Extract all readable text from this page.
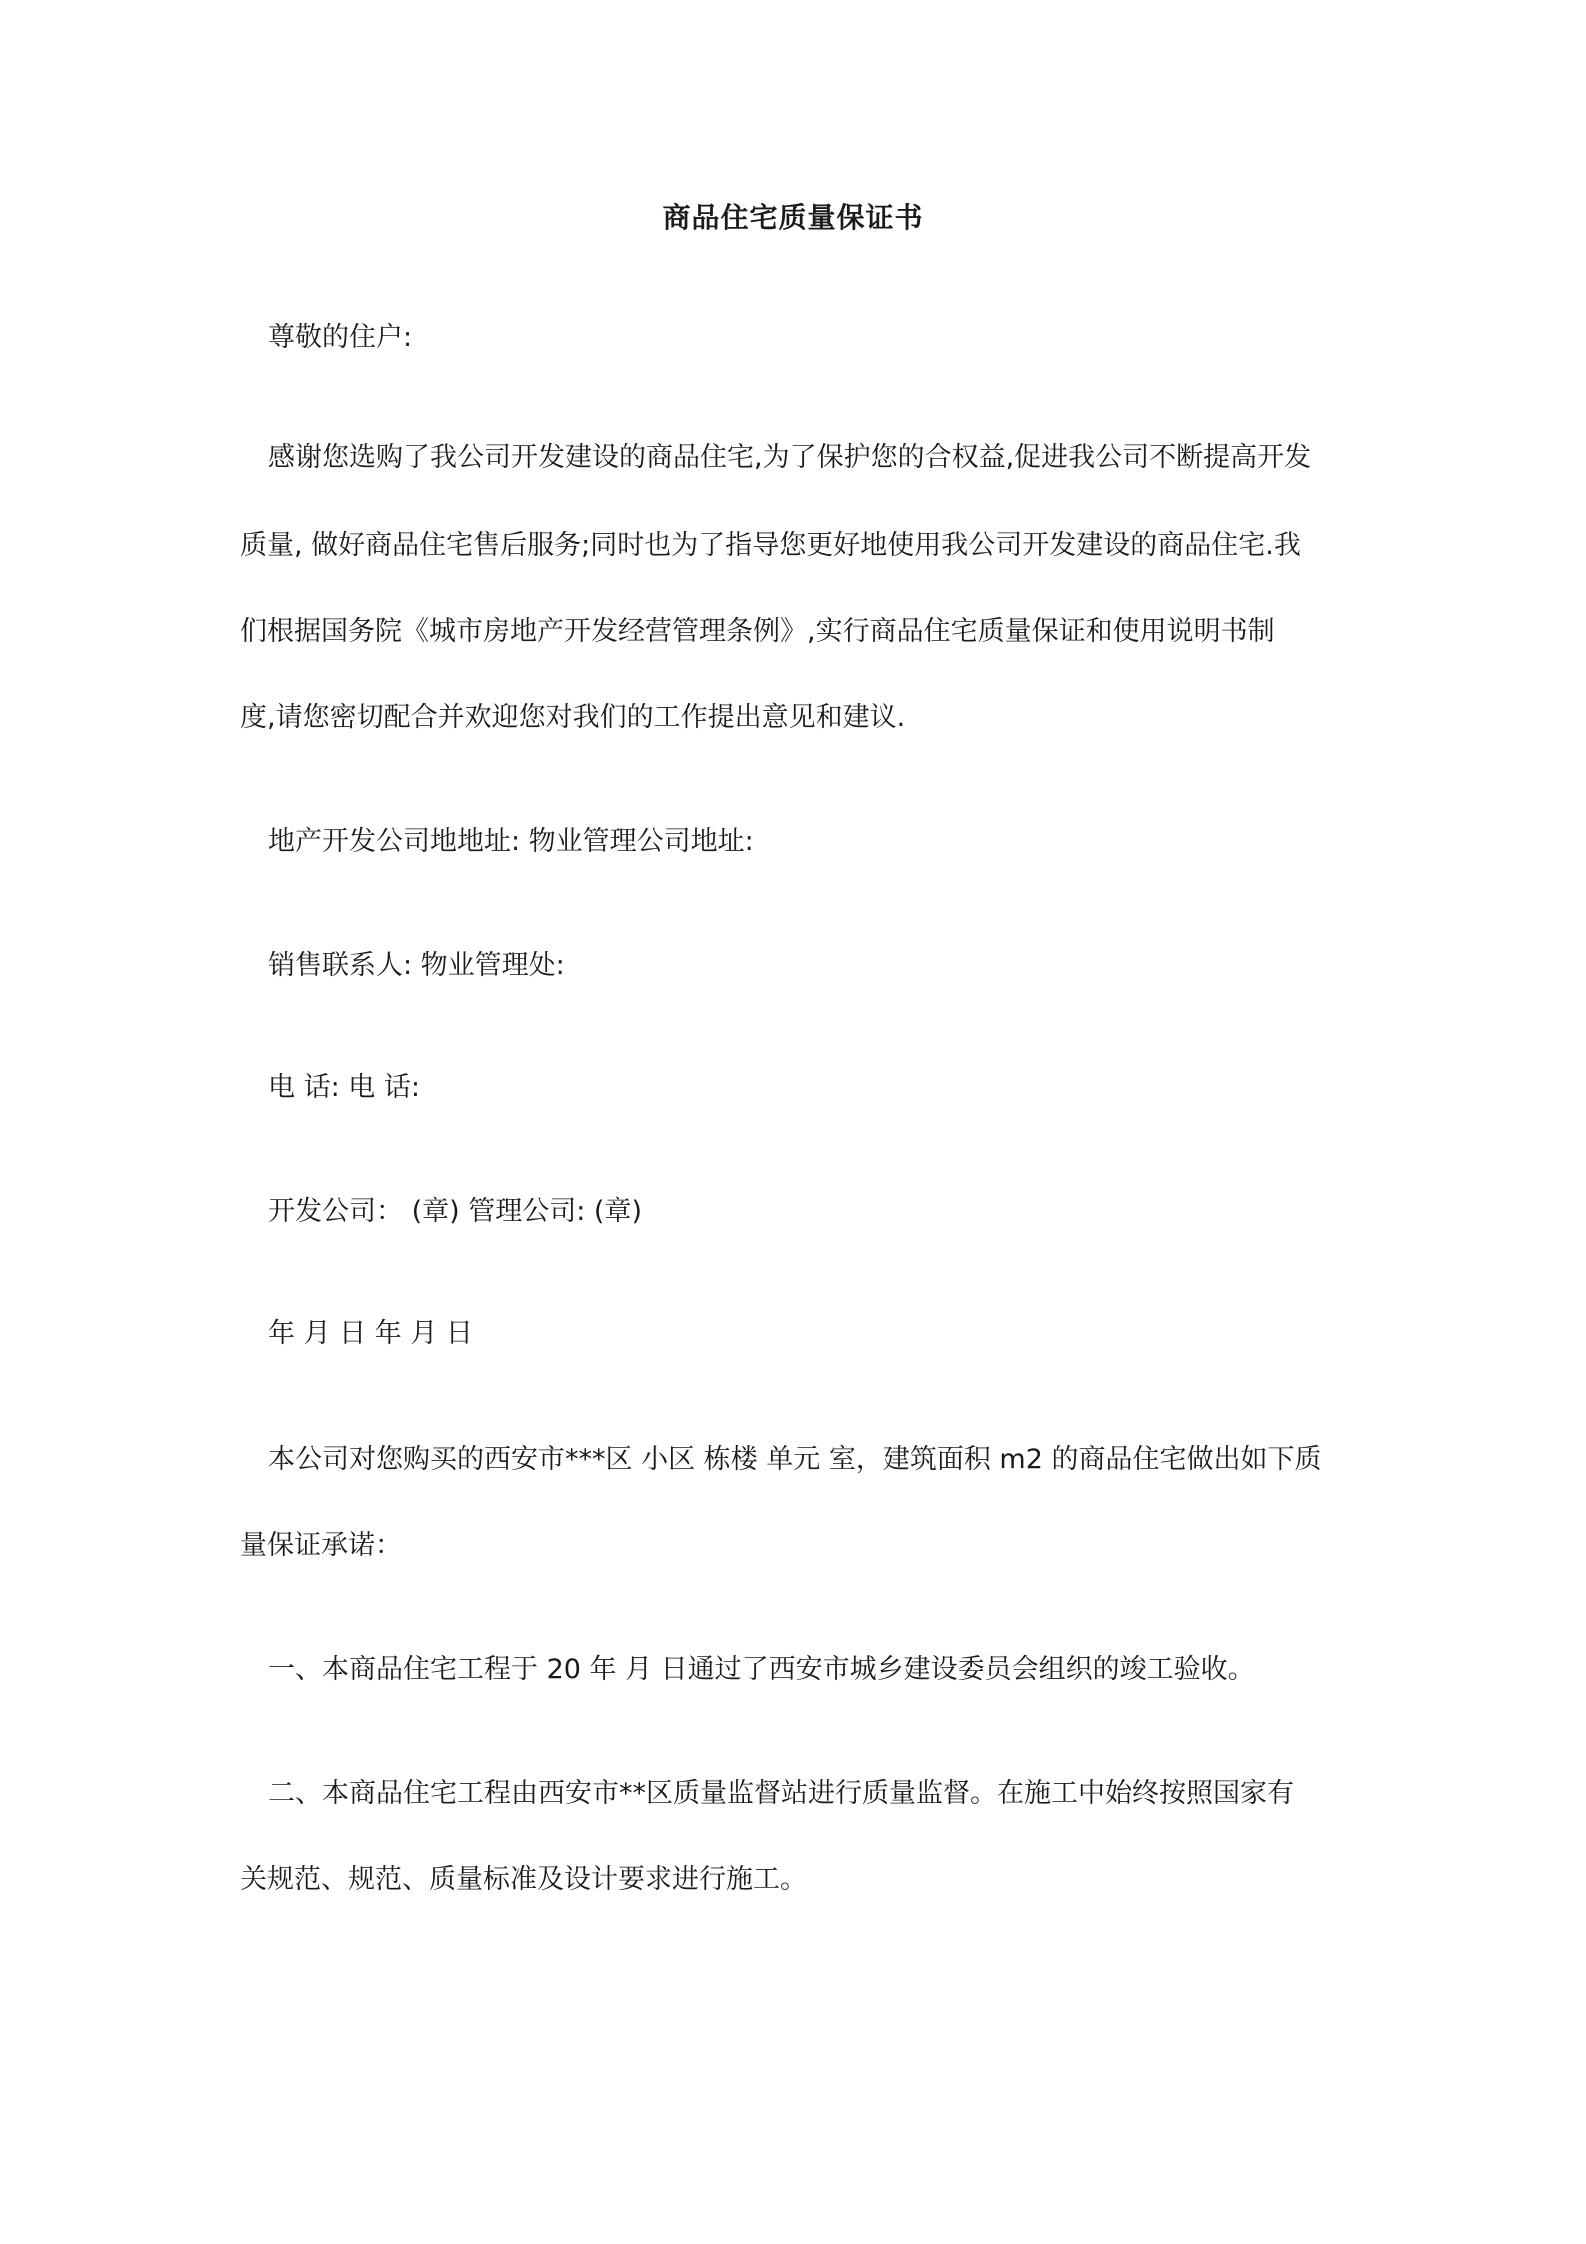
商品住宅质量保证书
尊敬的住户:
感谢您选购了我公司开发建设的商品住宅,为了保护您的合权益,促进我公司不断提高开发
质量, 做好商品住宅售后服务;同时也为了指导您更好地使用我公司开发建设的商品住宅.我
们根据国务院《城市房地产开发经营管理条例》,实行商品住宅质量保证和使用说明书制
度,请您密切配合并欢迎您对我们的工作提出意见和建议.
地产开发公司地地址: 物业管理公司地址:
销售联系人: 物业管理处:
电 话: 电 话:
开发公司： (章) 管理公司: (章)
年 月 日 年 月 日
本公司对您购买的西安市***区 小区 栋楼 单元 室，建筑面积 m2 的商品住宅做出如下质
量保证承诺：
一、本商品住宅工程于 20 年 月 日通过了西安市城乡建设委员会组织的竣工验收。
二、本商品住宅工程由西安市**区质量监督站进行质量监督。在施工中始终按照国家有
关规范、规范、质量标准及设计要求进行施工。
